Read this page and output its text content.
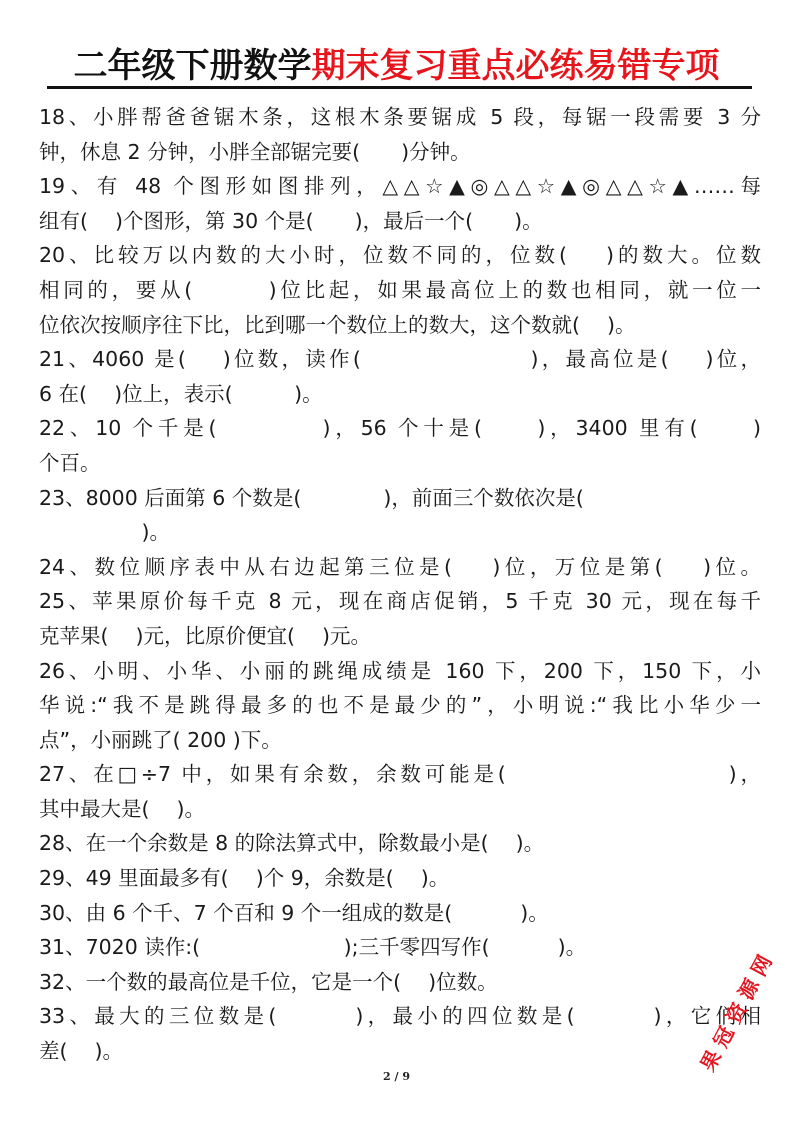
二年级下册数学期末复习重点必练易错专项
18、小胖帮爸爸锯木条，这根木条要锯成 5 段，每锯一段需要 3 分
钟，休息 2 分钟，小胖全部锯完要(　　)分钟。
19、有 48 个图形如图排列，△△☆▲◎△△☆▲◎△△☆▲……每
组有(　 )个图形，第 30 个是(　　)，最后一个(　　)。
20、比较万以内数的大小时，位数不同的，位数(　 )的数大。位数
相同的，要从(　　　)位比起，如果最高位上的数也相同，就一位一
位依次按顺序往下比，比到哪一个数位上的数大，这个数就(　 )。
21、4060 是(　 )位数，读作(　　　　　　　)，最高位是(　 )位，
6 在(　 )位上，表示(　　　)。
22、10 个千是(　　　　)，56 个十是(　　)，3400 里有(　　)
个百。
23、8000 后面第 6 个数是(　　　　)，前面三个数依次是(
　　　　　)。
24、数位顺序表中从右边起第三位是(　 )位，万位是第(　 )位。
25、苹果原价每千克 8 元，现在商店促销，5 千克 30 元，现在每千
克苹果(　 )元，比原价便宜(　 )元。
26、小明、小华、小丽的跳绳成绩是 160 下，200 下，150 下，小
华说:“我不是跳得最多的也不是最少的”，小明说:“我比小华少一
点”，小丽跳了( 200 )下。
27、在□÷7 中，如果有余数，余数可能是(　　　　　　　　　)，
其中最大是(　 )。
28、在一个余数是 8 的除法算式中，除数最小是(　 )。
29、49 里面最多有(　 )个 9，余数是(　 )。
30、由 6 个千、7 个百和 9 个一组成的数是(　　　 )。
31、7020 读作:(　　　　　　　);三千零四写作(　　　 )。
32、一个数的最高位是千位，它是一个(　 )位数。
33、最大的三位数是(　　　)，最小的四位数是(　　　)，它们相
差(　 )。
2 / 9
果 冠 资 源 网
